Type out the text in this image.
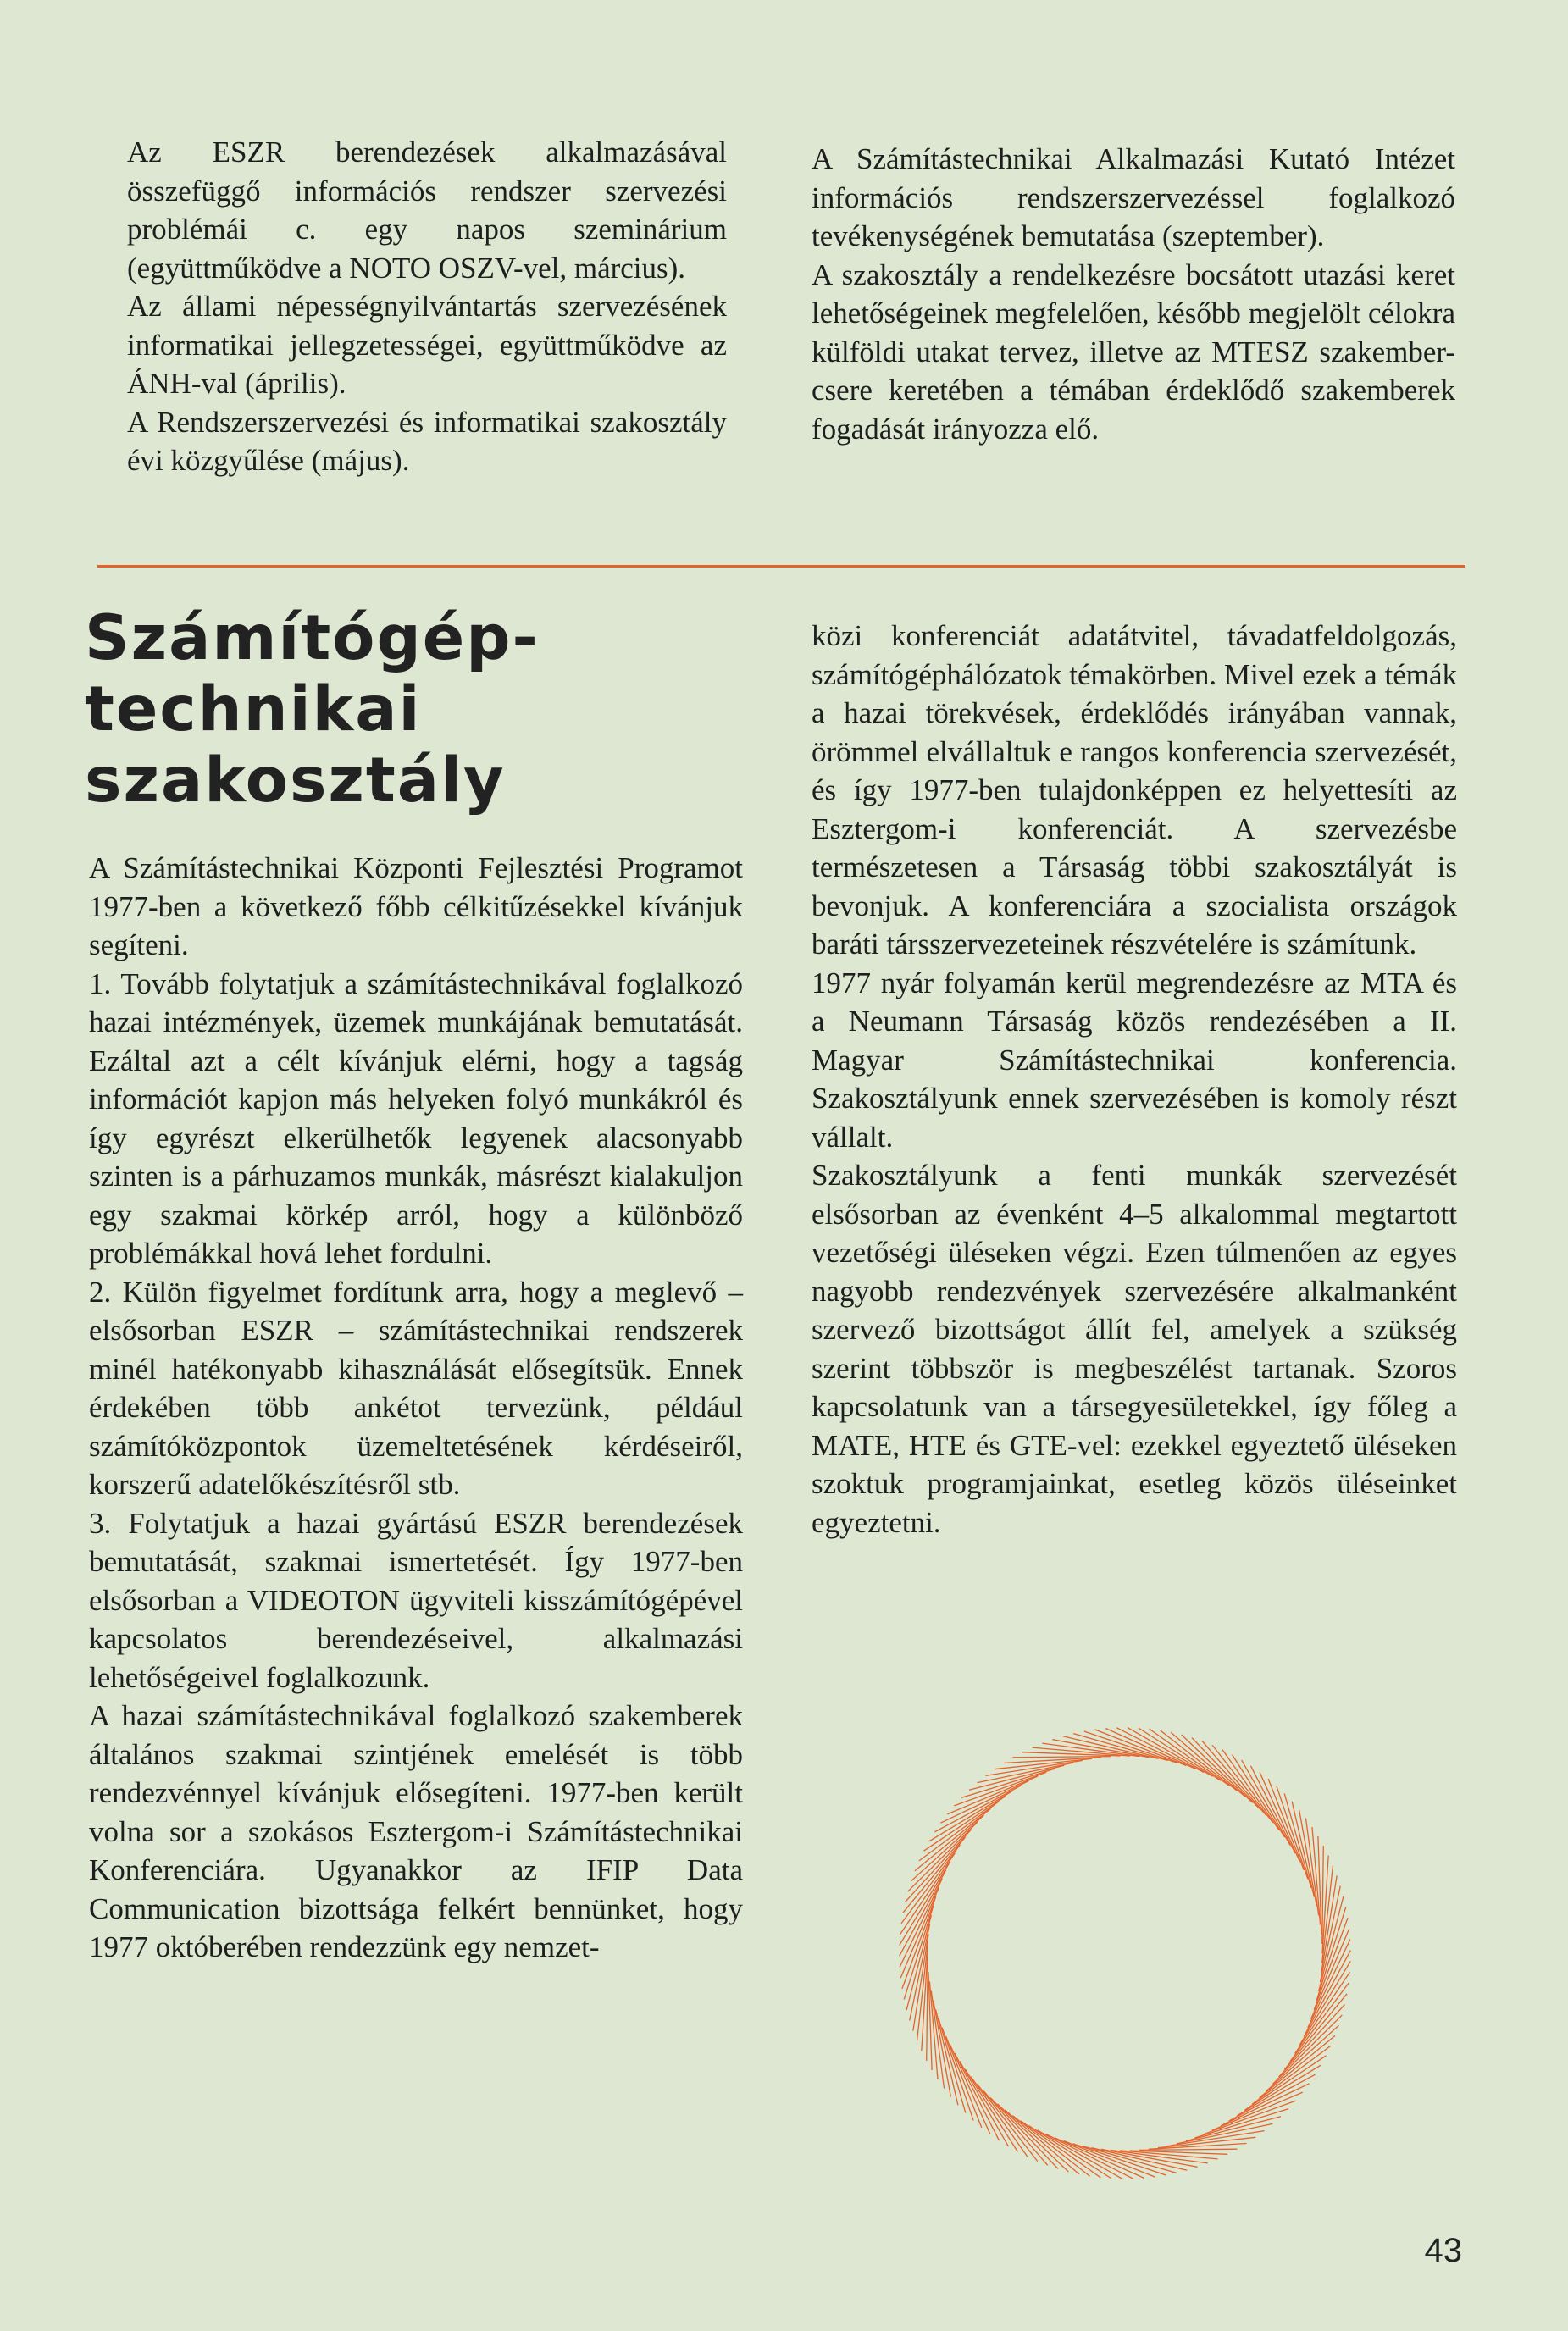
Az ESZR berendezések alkalmazásával összefüggő információs rendszer szervezési problémái c. egy napos szeminárium (együttműködve a NOTO OSZV-vel, március).

Az állami népességnyilvántartás szervezésének informatikai jellegzetességei, együttműködve az ÁNH-val (április).

A Rendszerszervezési és informatikai szakosztály évi közgyűlése (május).

A Számítástechnikai Alkalmazási Kutató Intézet információs rendszerszervezéssel foglalkozó tevékenységének bemutatása (szeptember).

A szakosztály a rendelkezésre bocsátott utazási keret lehetőségeinek megfelelően, később megjelölt célokra külföldi utakat tervez, illetve az MTESZ szakember-csere keretében a témában érdeklődő szakemberek fogadását irányozza elő.

Számítógép-
technikai
szakosztály

A Számítástechnikai Központi Fejlesztési Programot 1977-ben a következő főbb célkitűzésekkel kívánjuk segíteni.

1. Tovább folytatjuk a számítástechnikával foglalkozó hazai intézmények, üzemek munkájának bemutatását. Ezáltal azt a célt kívánjuk elérni, hogy a tagság információt kapjon más helyeken folyó munkákról és így egyrészt elkerülhetők legyenek alacsonyabb szinten is a párhuzamos munkák, másrészt kialakuljon egy szakmai körkép arról, hogy a különböző problémákkal hová lehet fordulni.

2. Külön figyelmet fordítunk arra, hogy a meglevő – elsősorban ESZR – számítástechnikai rendszerek minél hatékonyabb kihasználását elősegítsük. Ennek érdekében több ankétot tervezünk, például számítóközpontok üzemeltetésének kérdéseiről, korszerű adatelőkészítésről stb.

3. Folytatjuk a hazai gyártású ESZR berendezések bemutatását, szakmai ismertetését. Így 1977-ben elsősorban a VIDEOTON ügyviteli kisszámítógépével kapcsolatos berendezéseivel, alkalmazási lehetőségeivel foglalkozunk.

A hazai számítástechnikával foglalkozó szakemberek általános szakmai szintjének emelését is több rendezvénnyel kívánjuk elősegíteni. 1977-ben került volna sor a szokásos Esztergom-i Számítástechnikai Konferenciára. Ugyanakkor az IFIP Data Communication bizottsága felkért bennünket, hogy 1977 októberében rendezzünk egy nemzet-

közi konferenciát adatátvitel, távadatfeldolgozás, számítógéphálózatok témakörben. Mivel ezek a témák a hazai törekvések, érdeklődés irányában vannak, örömmel elvállaltuk e rangos konferencia szervezését, és így 1977-ben tulajdonképpen ez helyettesíti az Esztergom-i konferenciát. A szervezésbe természetesen a Társaság többi szakosztályát is bevonjuk. A konferenciára a szocialista országok baráti társszervezeteinek részvételére is számítunk.

1977 nyár folyamán kerül megrendezésre az MTA és a Neumann Társaság közös rendezésében a II. Magyar Számítástechnikai konferencia. Szakosztályunk ennek szervezésében is komoly részt vállalt.

Szakosztályunk a fenti munkák szervezését elsősorban az évenként 4–5 alkalommal megtartott vezetőségi üléseken végzi. Ezen túlmenően az egyes nagyobb rendezvények szervezésére alkalmanként szervező bizottságot állít fel, amelyek a szükség szerint többször is megbeszélést tartanak. Szoros kapcsolatunk van a társegyesületekkel, így főleg a MATE, HTE és GTE-vel: ezekkel egyeztető üléseken szoktuk programjainkat, esetleg közös üléseinket egyeztetni.

43
